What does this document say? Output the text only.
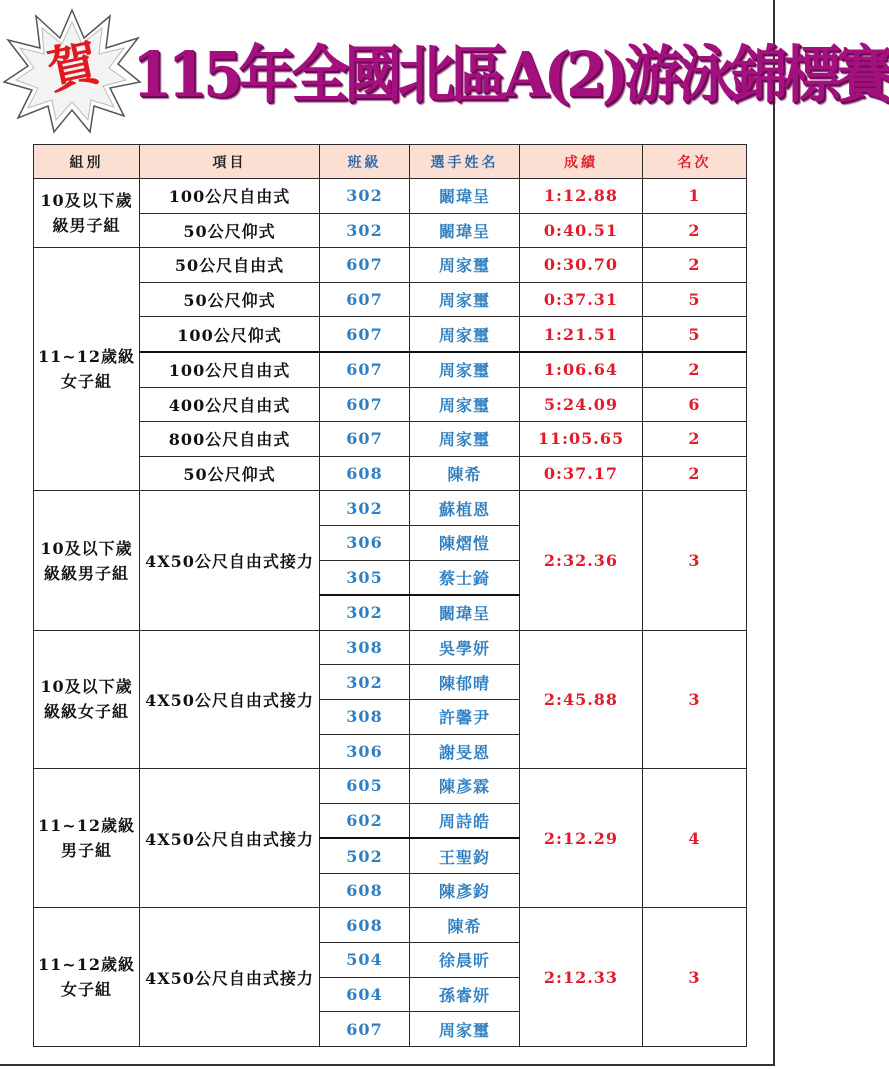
賀 115年全國北區A(2)游泳錦標賽
組別	項目	班級	選手姓名	成績	名次

10及以下歲
級男子組	100公尺自由式	302	闞瑋呈	1:12.88	1
	50公尺仰式	302	闞瑋呈	0:40.51	2

11~12歲級
女子組	50公尺自由式	607	周家璽	0:30.70	2
	50公尺仰式	607	周家璽	0:37.31	5
	100公尺仰式	607	周家璽	1:21.51	5
	100公尺自由式	607	周家璽	1:06.64	2
	400公尺自由式	607	周家璽	5:24.09	6
	800公尺自由式	607	周家璽	11:05.65	2
	50公尺仰式	608	陳希	0:37.17	2

10及以下歲
級級男子組	4X50公尺自由式接力	302	蘇植恩	2:32.36	3
		306	陳熠愷		
		305	蔡士錡		
		302	闞瑋呈		

10及以下歲
級級女子組	4X50公尺自由式接力	308	吳學妍	2:45.88	3
		302	陳郁晴		
		308	許馨尹		
		306	謝旻恩		

11~12歲級
男子組	4X50公尺自由式接力	605	陳彥霖	2:12.29	4
		602	周詩皓		
		502	王聖鈞		
		608	陳彥鈞		

11~12歲級
女子組	4X50公尺自由式接力	608	陳希	2:12.33	3
		504	徐晨昕		
		604	孫睿妍		
		607	周家璽		
